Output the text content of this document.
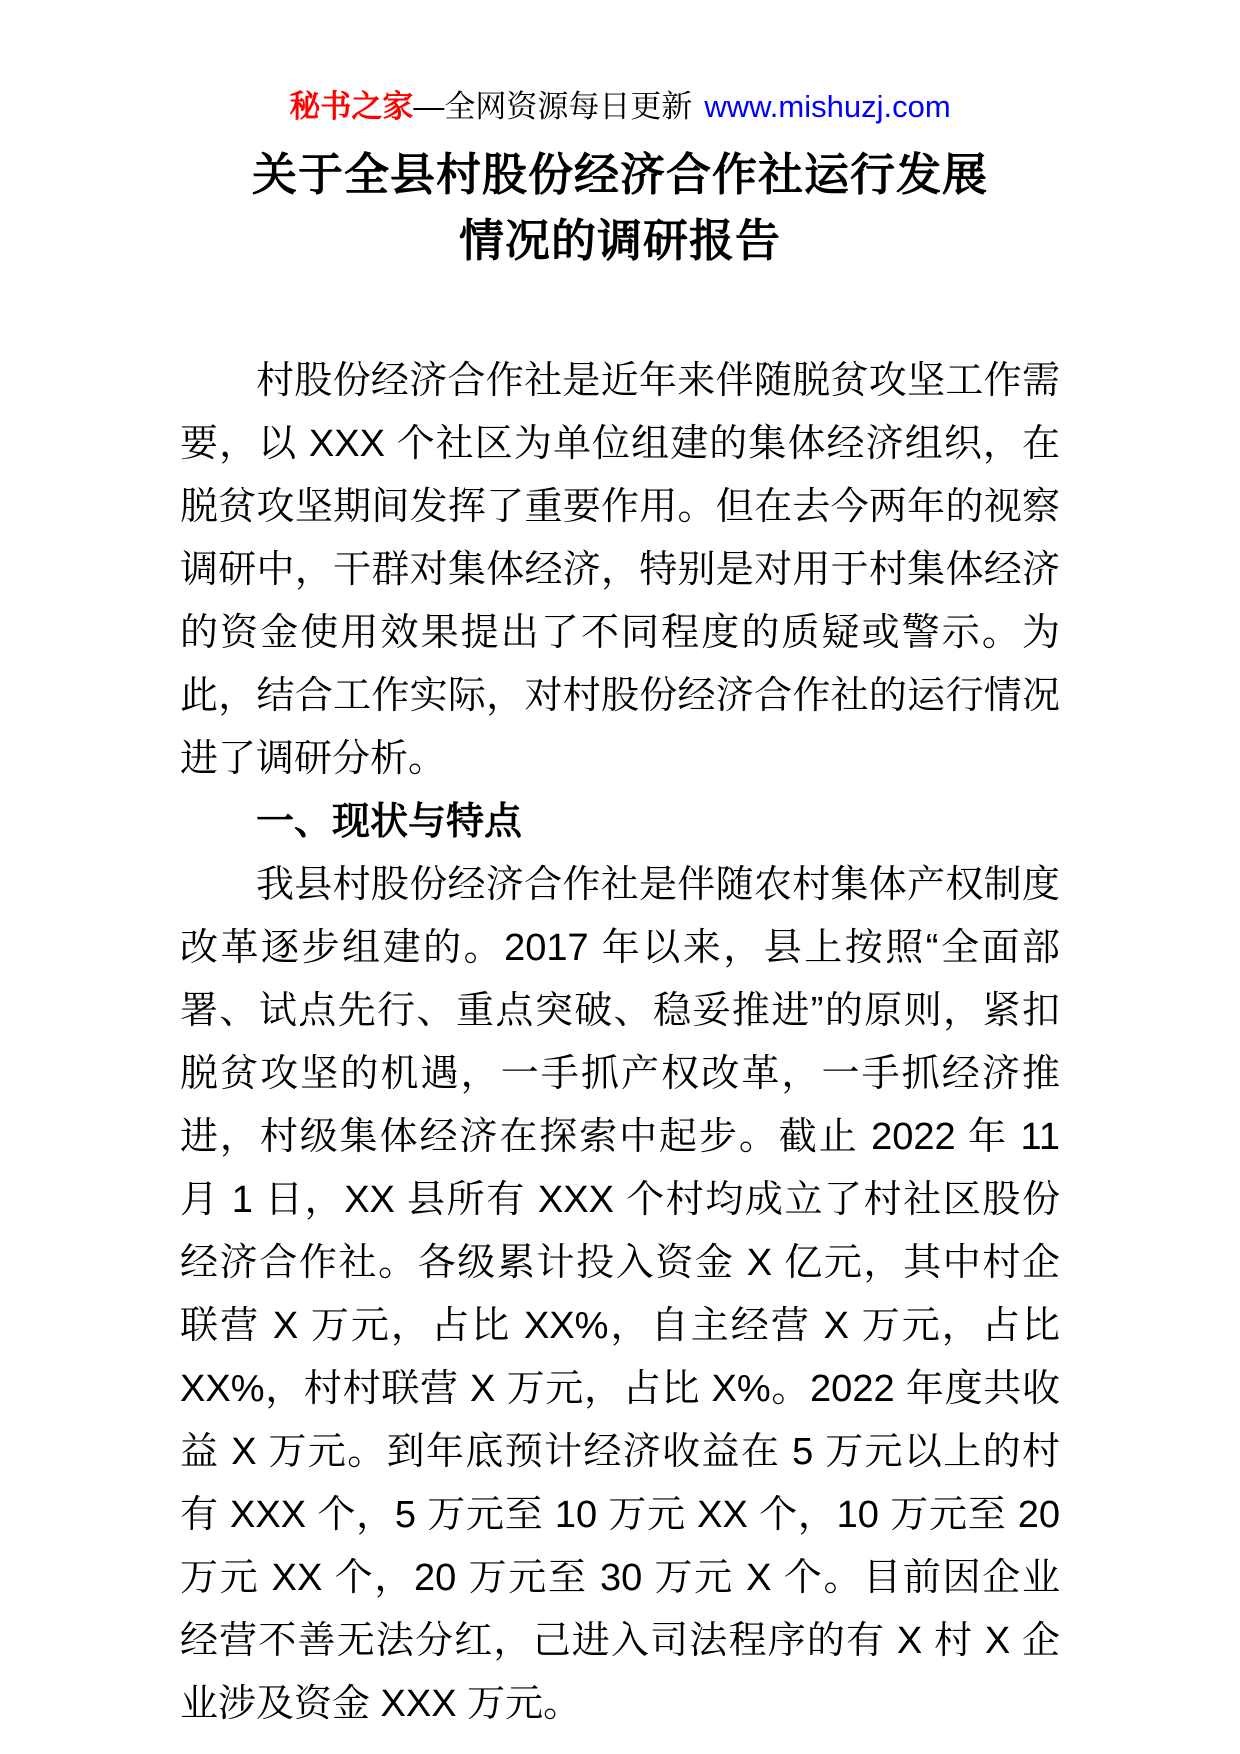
秘书之家—全网资源每日更新 www.mishuzj.com
关于全县村股份经济合作社运行发展
情况的调研报告

村股份经济合作社是近年来伴随脱贫攻坚工作需要，以 XXX 个社区为单位组建的集体经济组织，在脱贫攻坚期间发挥了重要作用。但在去今两年的视察调研中，干群对集体经济，特别是对用于村集体经济的资金使用效果提出了不同程度的质疑或警示。为此，结合工作实际，对村股份经济合作社的运行情况进了调研分析。

一、现状与特点

我县村股份经济合作社是伴随农村集体产权制度改革逐步组建的。2017 年以来，县上按照“全面部署、试点先行、重点突破、稳妥推进”的原则，紧扣脱贫攻坚的机遇，一手抓产权改革，一手抓经济推进，村级集体经济在探索中起步。截止 2022 年 11 月 1 日，XX 县所有 XXX 个村均成立了村社区股份经济合作社。各级累计投入资金 X 亿元，其中村企联营 X 万元，占比 XX%，自主经营 X 万元，占比 XX%，村村联营 X 万元，占比 X%。2022 年度共收益 X 万元。到年底预计经济收益在 5 万元以上的村有 XXX 个，5 万元至 10 万元 XX 个，10 万元至 20 万元 XX 个，20 万元至 30 万元 X 个。目前因企业经营不善无法分红，己进入司法程序的有 X 村 X 企业涉及资金 XXX 万元。
